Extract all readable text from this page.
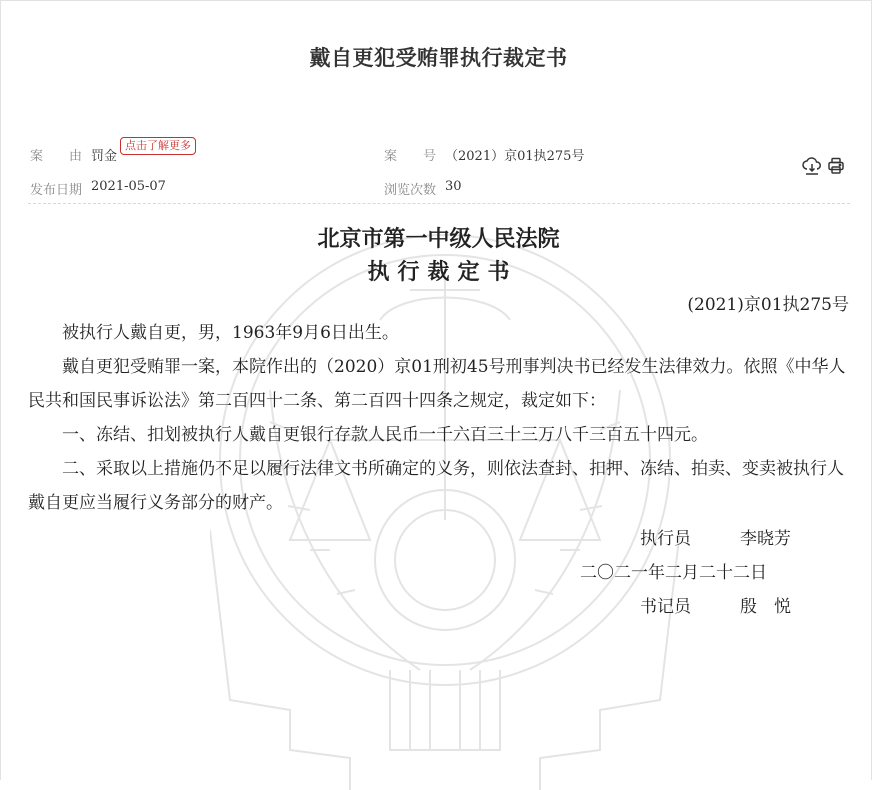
戴自更犯受贿罪执行裁定书
案　　由 罚金
点击了解更多
案　　号 （2021）京01执275号
发布日期 2021-05-07	浏览次数 30
北京市第一中级人民法院
执行裁定书
(2021)京01执275号
被执行人戴自更，男，1963年9月6日出生。
戴自更犯受贿罪一案，本院作出的（2020）京01刑初45号刑事判决书已经发生法律效力。依照《中华人民共和国民事诉讼法》第二百四十二条、第二百四十四条之规定，裁定如下：
一、冻结、扣划被执行人戴自更银行存款人民币一千六百三十三万八千三百五十四元。
二、采取以上措施仍不足以履行法律文书所确定的义务，则依法查封、扣押、冻结、拍卖、变卖被执行人戴自更应当履行义务部分的财产。
执行员	李晓芳
二〇二一年二月二十二日
书记员	殷　悦
